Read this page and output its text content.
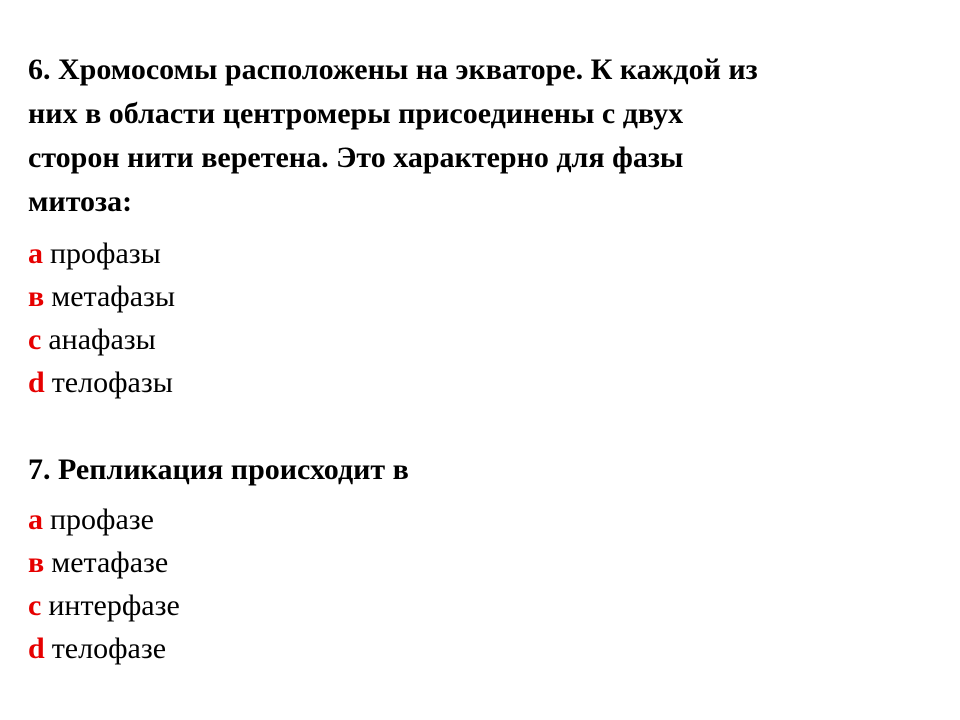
6. Хромосомы расположены на экваторе. К каждой из
них в области центромеры присоединены с двух
сторон нити веретена. Это характерно для фазы
митоза:

а профазы
в метафазы
с анафазы
d телофазы

7. Репликация происходит в

а профазе
в метафазе
с интерфазе
d телофазе
